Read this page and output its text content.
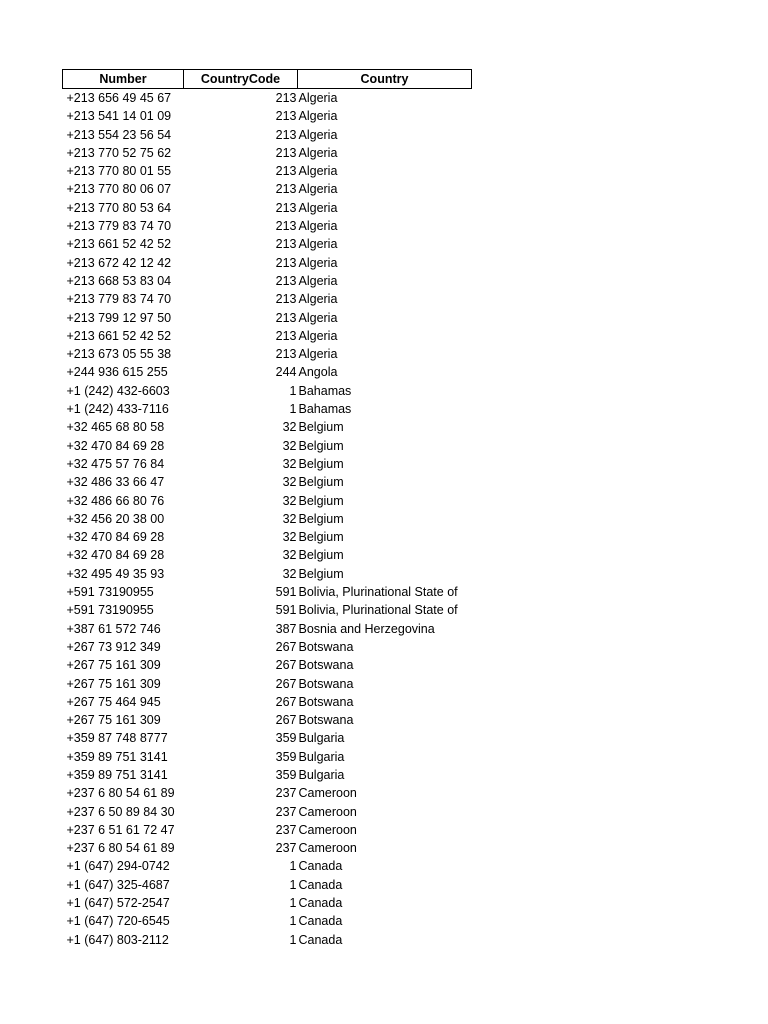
Number	CountryCode	Country
+213 656 49 45 67	213	Algeria
+213 541 14 01 09	213	Algeria
+213 554 23 56 54	213	Algeria
+213 770 52 75 62	213	Algeria
+213 770 80 01 55	213	Algeria
+213 770 80 06 07	213	Algeria
+213 770 80 53 64	213	Algeria
+213 779 83 74 70	213	Algeria
+213 661 52 42 52	213	Algeria
+213 672 42 12 42	213	Algeria
+213 668 53 83 04	213	Algeria
+213 779 83 74 70	213	Algeria
+213 799 12 97 50	213	Algeria
+213 661 52 42 52	213	Algeria
+213 673 05 55 38	213	Algeria
+244 936 615 255	244	Angola
+1 (242) 432-6603	1	Bahamas
+1 (242) 433-7116	1	Bahamas
+32 465 68 80 58	32	Belgium
+32 470 84 69 28	32	Belgium
+32 475 57 76 84	32	Belgium
+32 486 33 66 47	32	Belgium
+32 486 66 80 76	32	Belgium
+32 456 20 38 00	32	Belgium
+32 470 84 69 28	32	Belgium
+32 470 84 69 28	32	Belgium
+32 495 49 35 93	32	Belgium
+591 73190955	591	Bolivia, Plurinational State of
+591 73190955	591	Bolivia, Plurinational State of
+387 61 572 746	387	Bosnia and Herzegovina
+267 73 912 349	267	Botswana
+267 75 161 309	267	Botswana
+267 75 161 309	267	Botswana
+267 75 464 945	267	Botswana
+267 75 161 309	267	Botswana
+359 87 748 8777	359	Bulgaria
+359 89 751 3141	359	Bulgaria
+359 89 751 3141	359	Bulgaria
+237 6 80 54 61 89	237	Cameroon
+237 6 50 89 84 30	237	Cameroon
+237 6 51 61 72 47	237	Cameroon
+237 6 80 54 61 89	237	Cameroon
+1 (647) 294-0742	1	Canada
+1 (647) 325-4687	1	Canada
+1 (647) 572-2547	1	Canada
+1 (647) 720-6545	1	Canada
+1 (647) 803-2112	1	Canada
